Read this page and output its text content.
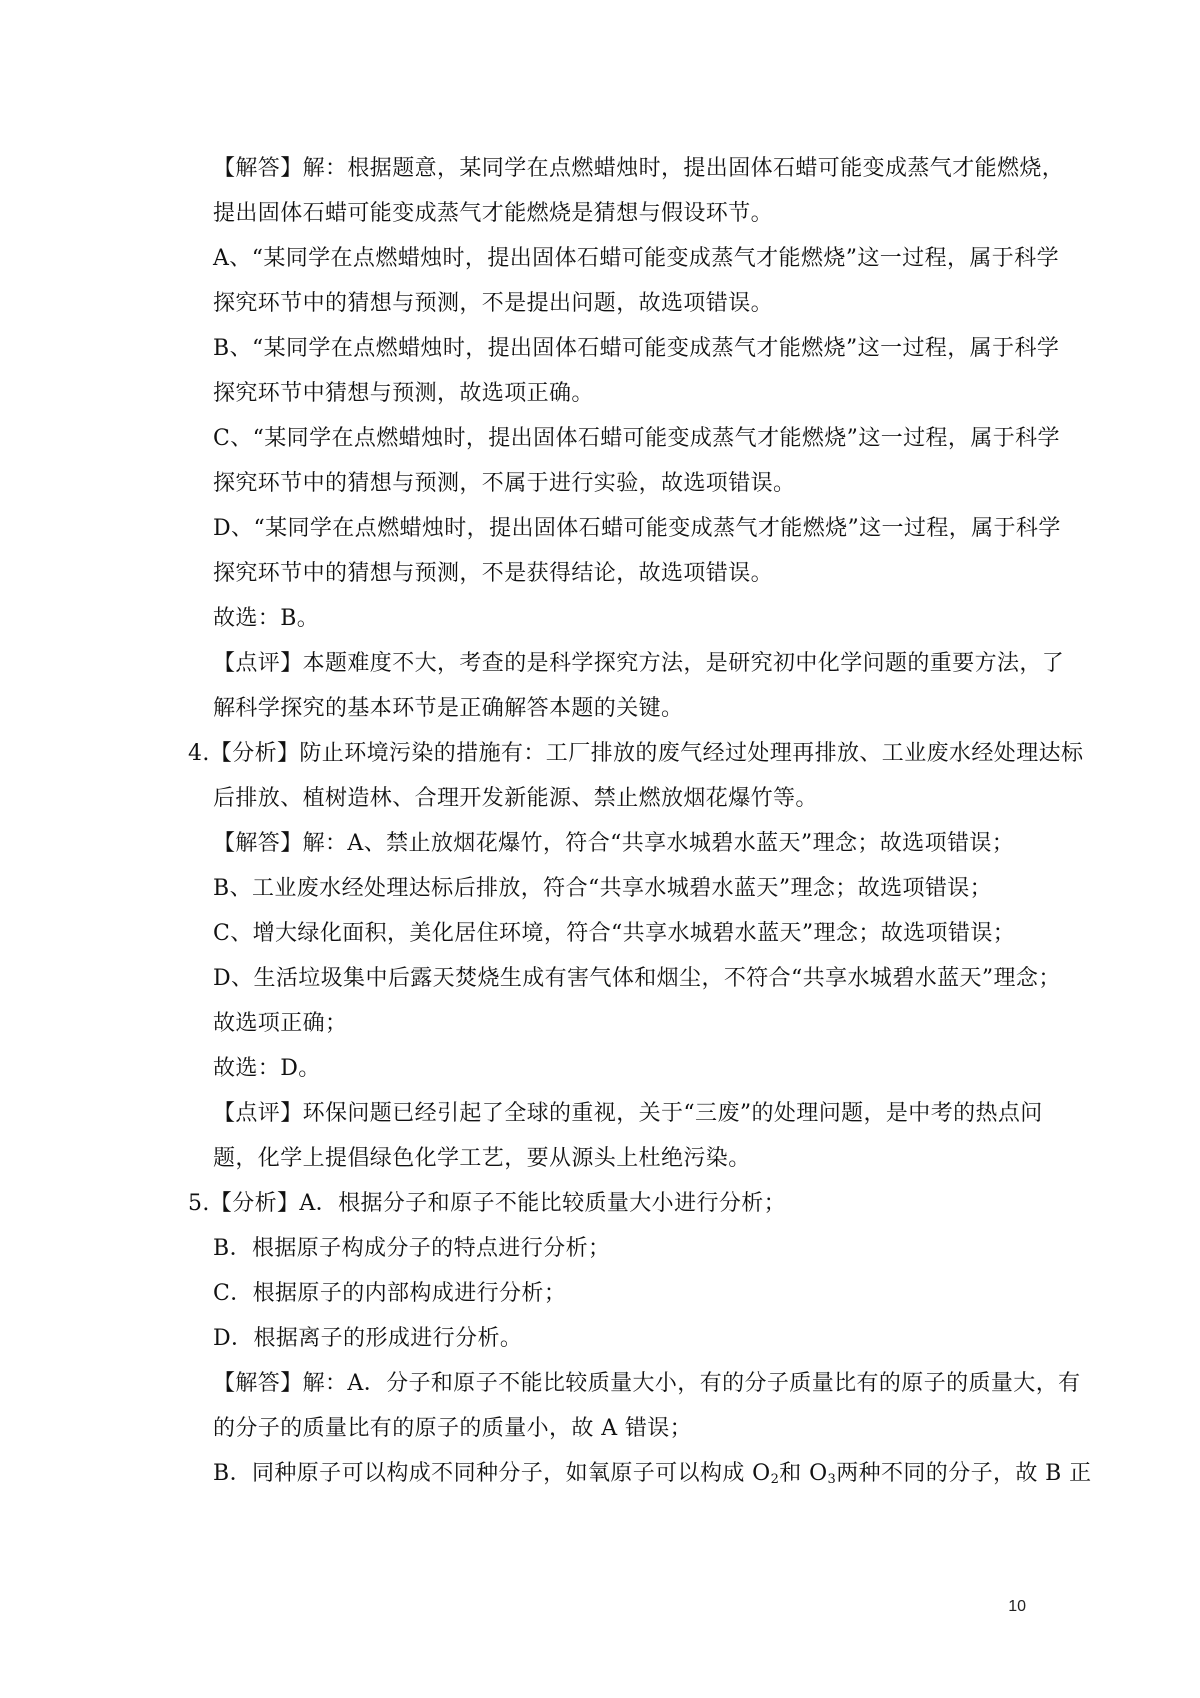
【解答】解：根据题意，某同学在点燃蜡烛时，提出固体石蜡可能变成蒸气才能燃烧，
提出固体石蜡可能变成蒸气才能燃烧是猜想与假设环节。
A、“某同学在点燃蜡烛时，提出固体石蜡可能变成蒸气才能燃烧”这一过程，属于科学
探究环节中的猜想与预测，不是提出问题，故选项错误。
B、“某同学在点燃蜡烛时，提出固体石蜡可能变成蒸气才能燃烧”这一过程，属于科学
探究环节中猜想与预测，故选项正确。
C、“某同学在点燃蜡烛时，提出固体石蜡可能变成蒸气才能燃烧”这一过程，属于科学
探究环节中的猜想与预测，不属于进行实验，故选项错误。
D、“某同学在点燃蜡烛时，提出固体石蜡可能变成蒸气才能燃烧”这一过程，属于科学
探究环节中的猜想与预测，不是获得结论，故选项错误。
故选：B。
【点评】本题难度不大，考查的是科学探究方法，是研究初中化学问题的重要方法，了
解科学探究的基本环节是正确解答本题的关键。
4.【分析】防止环境污染的措施有：工厂排放的废气经过处理再排放、工业废水经处理达标
后排放、植树造林、合理开发新能源、禁止燃放烟花爆竹等。
【解答】解：A、禁止放烟花爆竹，符合“共享水城碧水蓝天”理念；故选项错误；
B、工业废水经处理达标后排放，符合“共享水城碧水蓝天”理念；故选项错误；
C、增大绿化面积，美化居住环境，符合“共享水城碧水蓝天”理念；故选项错误；
D、生活垃圾集中后露天焚烧生成有害气体和烟尘，不符合“共享水城碧水蓝天”理念；
故选项正确；
故选：D。
【点评】环保问题已经引起了全球的重视，关于“三废”的处理问题，是中考的热点问
题，化学上提倡绿色化学工艺，要从源头上杜绝污染。
5.【分析】A．根据分子和原子不能比较质量大小进行分析；
B．根据原子构成分子的特点进行分析；
C．根据原子的内部构成进行分析；
D．根据离子的形成进行分析。
【解答】解：A．分子和原子不能比较质量大小，有的分子质量比有的原子的质量大，有
的分子的质量比有的原子的质量小，故 A 错误；
B．同种原子可以构成不同种分子，如氧原子可以构成 $O_2$和 $O_3$两种不同的分子，故 B 正
10
